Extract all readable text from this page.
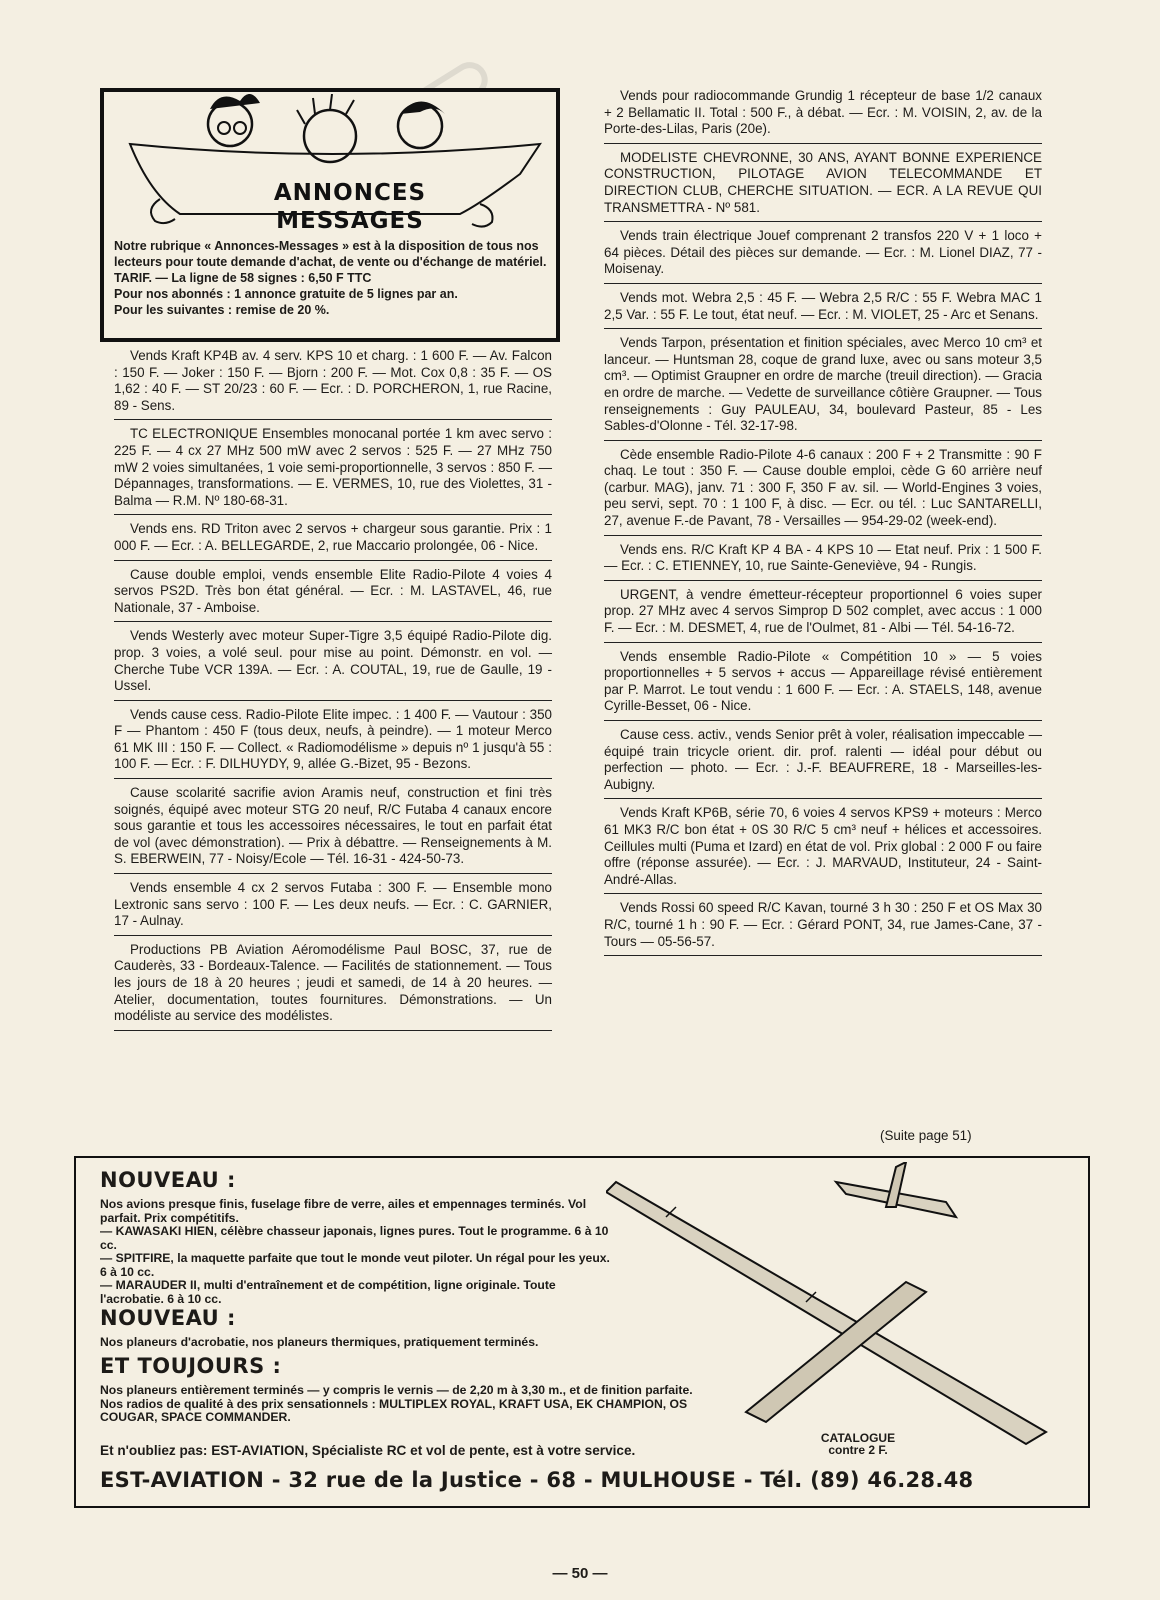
ANNONCES
MESSAGES

Notre rubrique « Annonces-Messages » est à la disposition de tous nos lecteurs pour toute demande d'achat, de vente ou d'échange de matériel.

TARIF. — La ligne de 58 signes : 6,50 F TTC

Pour nos abonnés : 1 annonce gratuite de 5 lignes par an.

Pour les suivantes : remise de 20 %.

Vends Kraft KP4B av. 4 serv. KPS 10 et charg. : 1 600 F. — Av. Falcon : 150 F. — Joker : 150 F. — Bjorn : 200 F. — Mot. Cox 0,8 : 35 F. — OS 1,62 : 40 F. — ST 20/23 : 60 F. — Ecr. : D. PORCHERON, 1, rue Racine, 89 - Sens.
TC ELECTRONIQUE Ensembles monocanal portée 1 km avec servo : 225 F. — 4 cx 27 MHz 500 mW avec 2 servos : 525 F. — 27 MHz 750 mW 2 voies simultanées, 1 voie semi-proportionnelle, 3 servos : 850 F. — Dépannages, transformations. — E. VERMES, 10, rue des Violettes, 31 - Balma — R.M. Nº 180-68-31.
Vends ens. RD Triton avec 2 servos + chargeur sous garantie. Prix : 1 000 F. — Ecr. : A. BELLEGARDE, 2, rue Maccario prolongée, 06 - Nice.
Cause double emploi, vends ensemble Elite Radio-Pilote 4 voies 4 servos PS2D. Très bon état général. — Ecr. : M. LASTAVEL, 46, rue Nationale, 37 - Amboise.
Vends Westerly avec moteur Super-Tigre 3,5 équipé Radio-Pilote dig. prop. 3 voies, a volé seul. pour mise au point. Démonstr. en vol. — Cherche Tube VCR 139A. — Ecr. : A. COUTAL, 19, rue de Gaulle, 19 - Ussel.
Vends cause cess. Radio-Pilote Elite impec. : 1 400 F. — Vautour : 350 F — Phantom : 450 F (tous deux, neufs, à peindre). — 1 moteur Merco 61 MK III : 150 F. — Collect. « Radiomodélisme » depuis nº 1 jusqu'à 55 : 100 F. — Ecr. : F. DILHUYDY, 9, allée G.-Bizet, 95 - Bezons.
Cause scolarité sacrifie avion Aramis neuf, construction et fini très soignés, équipé avec moteur STG 20 neuf, R/C Futaba 4 canaux encore sous garantie et tous les accessoires nécessaires, le tout en parfait état de vol (avec démonstration). — Prix à débattre. — Renseignements à M. S. EBERWEIN, 77 - Noisy/Ecole — Tél. 16-31 - 424-50-73.
Vends ensemble 4 cx 2 servos Futaba : 300 F. — Ensemble mono Lextronic sans servo : 100 F. — Les deux neufs. — Ecr. : C. GARNIER, 17 - Aulnay.
Productions PB Aviation Aéromodélisme Paul BOSC, 37, rue de Cauderès, 33 - Bordeaux-Talence. — Facilités de stationnement. — Tous les jours de 18 à 20 heures ; jeudi et samedi, de 14 à 20 heures. — Atelier, documentation, toutes fournitures. Démonstrations. — Un modéliste au service des modélistes.
Vends pour radiocommande Grundig 1 récepteur de base 1/2 canaux + 2 Bellamatic II. Total : 500 F., à débat. — Ecr. : M. VOISIN, 2, av. de la Porte-des-Lilas, Paris (20e).
MODELISTE CHEVRONNE, 30 ANS, AYANT BONNE EXPERIENCE CONSTRUCTION, PILOTAGE AVION TELECOMMANDE ET DIRECTION CLUB, CHERCHE SITUATION. — ECR. A LA REVUE QUI TRANSMETTRA - Nº 581.
Vends train électrique Jouef comprenant 2 transfos 220 V + 1 loco + 64 pièces. Détail des pièces sur demande. — Ecr. : M. Lionel DIAZ, 77 - Moisenay.
Vends mot. Webra 2,5 : 45 F. — Webra 2,5 R/C : 55 F. Webra MAC 1 2,5 Var. : 55 F. Le tout, état neuf. — Ecr. : M. VIOLET, 25 - Arc et Senans.
Vends Tarpon, présentation et finition spéciales, avec Merco 10 cm³ et lanceur. — Huntsman 28, coque de grand luxe, avec ou sans moteur 3,5 cm³. — Optimist Graupner en ordre de marche (treuil direction). — Gracia en ordre de marche. — Vedette de surveillance côtière Graupner. — Tous renseignements : Guy PAULEAU, 34, boulevard Pasteur, 85 - Les Sables-d'Olonne - Tél. 32-17-98.
Cède ensemble Radio-Pilote 4-6 canaux : 200 F + 2 Transmitte : 90 F chaq. Le tout : 350 F. — Cause double emploi, cède G 60 arrière neuf (carbur. MAG), janv. 71 : 300 F, 350 F av. sil. — World-Engines 3 voies, peu servi, sept. 70 : 1 100 F, à disc. — Ecr. ou tél. : Luc SANTARELLI, 27, avenue F.-de Pavant, 78 - Versailles — 954-29-02 (week-end).
Vends ens. R/C Kraft KP 4 BA - 4 KPS 10 — Etat neuf. Prix : 1 500 F. — Ecr. : C. ETIENNEY, 10, rue Sainte-Geneviève, 94 - Rungis.
URGENT, à vendre émetteur-récepteur proportionnel 6 voies super prop. 27 MHz avec 4 servos Simprop D 502 complet, avec accus : 1 000 F. — Ecr. : M. DESMET, 4, rue de l'Oulmet, 81 - Albi — Tél. 54-16-72.
Vends ensemble Radio-Pilote « Compétition 10 » — 5 voies proportionnelles + 5 servos + accus — Appareillage révisé entièrement par P. Marrot. Le tout vendu : 1 600 F. — Ecr. : A. STAELS, 148, avenue Cyrille-Besset, 06 - Nice.
Cause cess. activ., vends Senior prêt à voler, réalisation impeccable — équipé train tricycle orient. dir. prof. ralenti — idéal pour début ou perfection — photo. — Ecr. : J.-F. BEAUFRERE, 18 - Marseilles-les-Aubigny.
Vends Kraft KP6B, série 70, 6 voies 4 servos KPS9 + moteurs : Merco 61 MK3 R/C bon état + 0S 30 R/C 5 cm³ neuf + hélices et accessoires. Ceillules multi (Puma et Izard) en état de vol. Prix global : 2 000 F ou faire offre (réponse assurée). — Ecr. : J. MARVAUD, Instituteur, 24 - Saint-André-Allas.
Vends Rossi 60 speed R/C Kavan, tourné 3 h 30 : 250 F et OS Max 30 R/C, tourné 1 h : 90 F. — Ecr. : Gérard PONT, 34, rue James-Cane, 37 - Tours — 05-56-57.
(Suite page 51)
NOUVEAU :

Nos avions presque finis, fuselage fibre de verre, ailes et empennages terminés. Vol parfait. Prix compétitifs.

— KAWASAKI HIEN, célèbre chasseur japonais, lignes pures. Tout le programme. 6 à 10 cc.

— SPITFIRE, la maquette parfaite que tout le monde veut piloter. Un régal pour les yeux. 6 à 10 cc.

— MARAUDER II, multi d'entraînement et de compétition, ligne originale. Toute l'acrobatie. 6 à 10 cc.

NOUVEAU :
Nos planeurs d'acrobatie, nos planeurs thermiques, pratiquement terminés.
ET TOUJOURS :

Nos planeurs entièrement terminés — y compris le vernis — de 2,20 m à 3,30 m., et de finition parfaite.

Nos radios de qualité à des prix sensationnels : MULTIPLEX ROYAL, KRAFT USA, EK CHAMPION, OS COUGAR, SPACE COMMANDER.

Et n'oubliez pas: EST-AVIATION, Spécialiste RC et vol de pente, est à votre service.
CATALOGUE
contre 2 F.
EST-AVIATION - 32 rue de la Justice - 68 - MULHOUSE - Tél. (89) 46.28.48
— 50 —
